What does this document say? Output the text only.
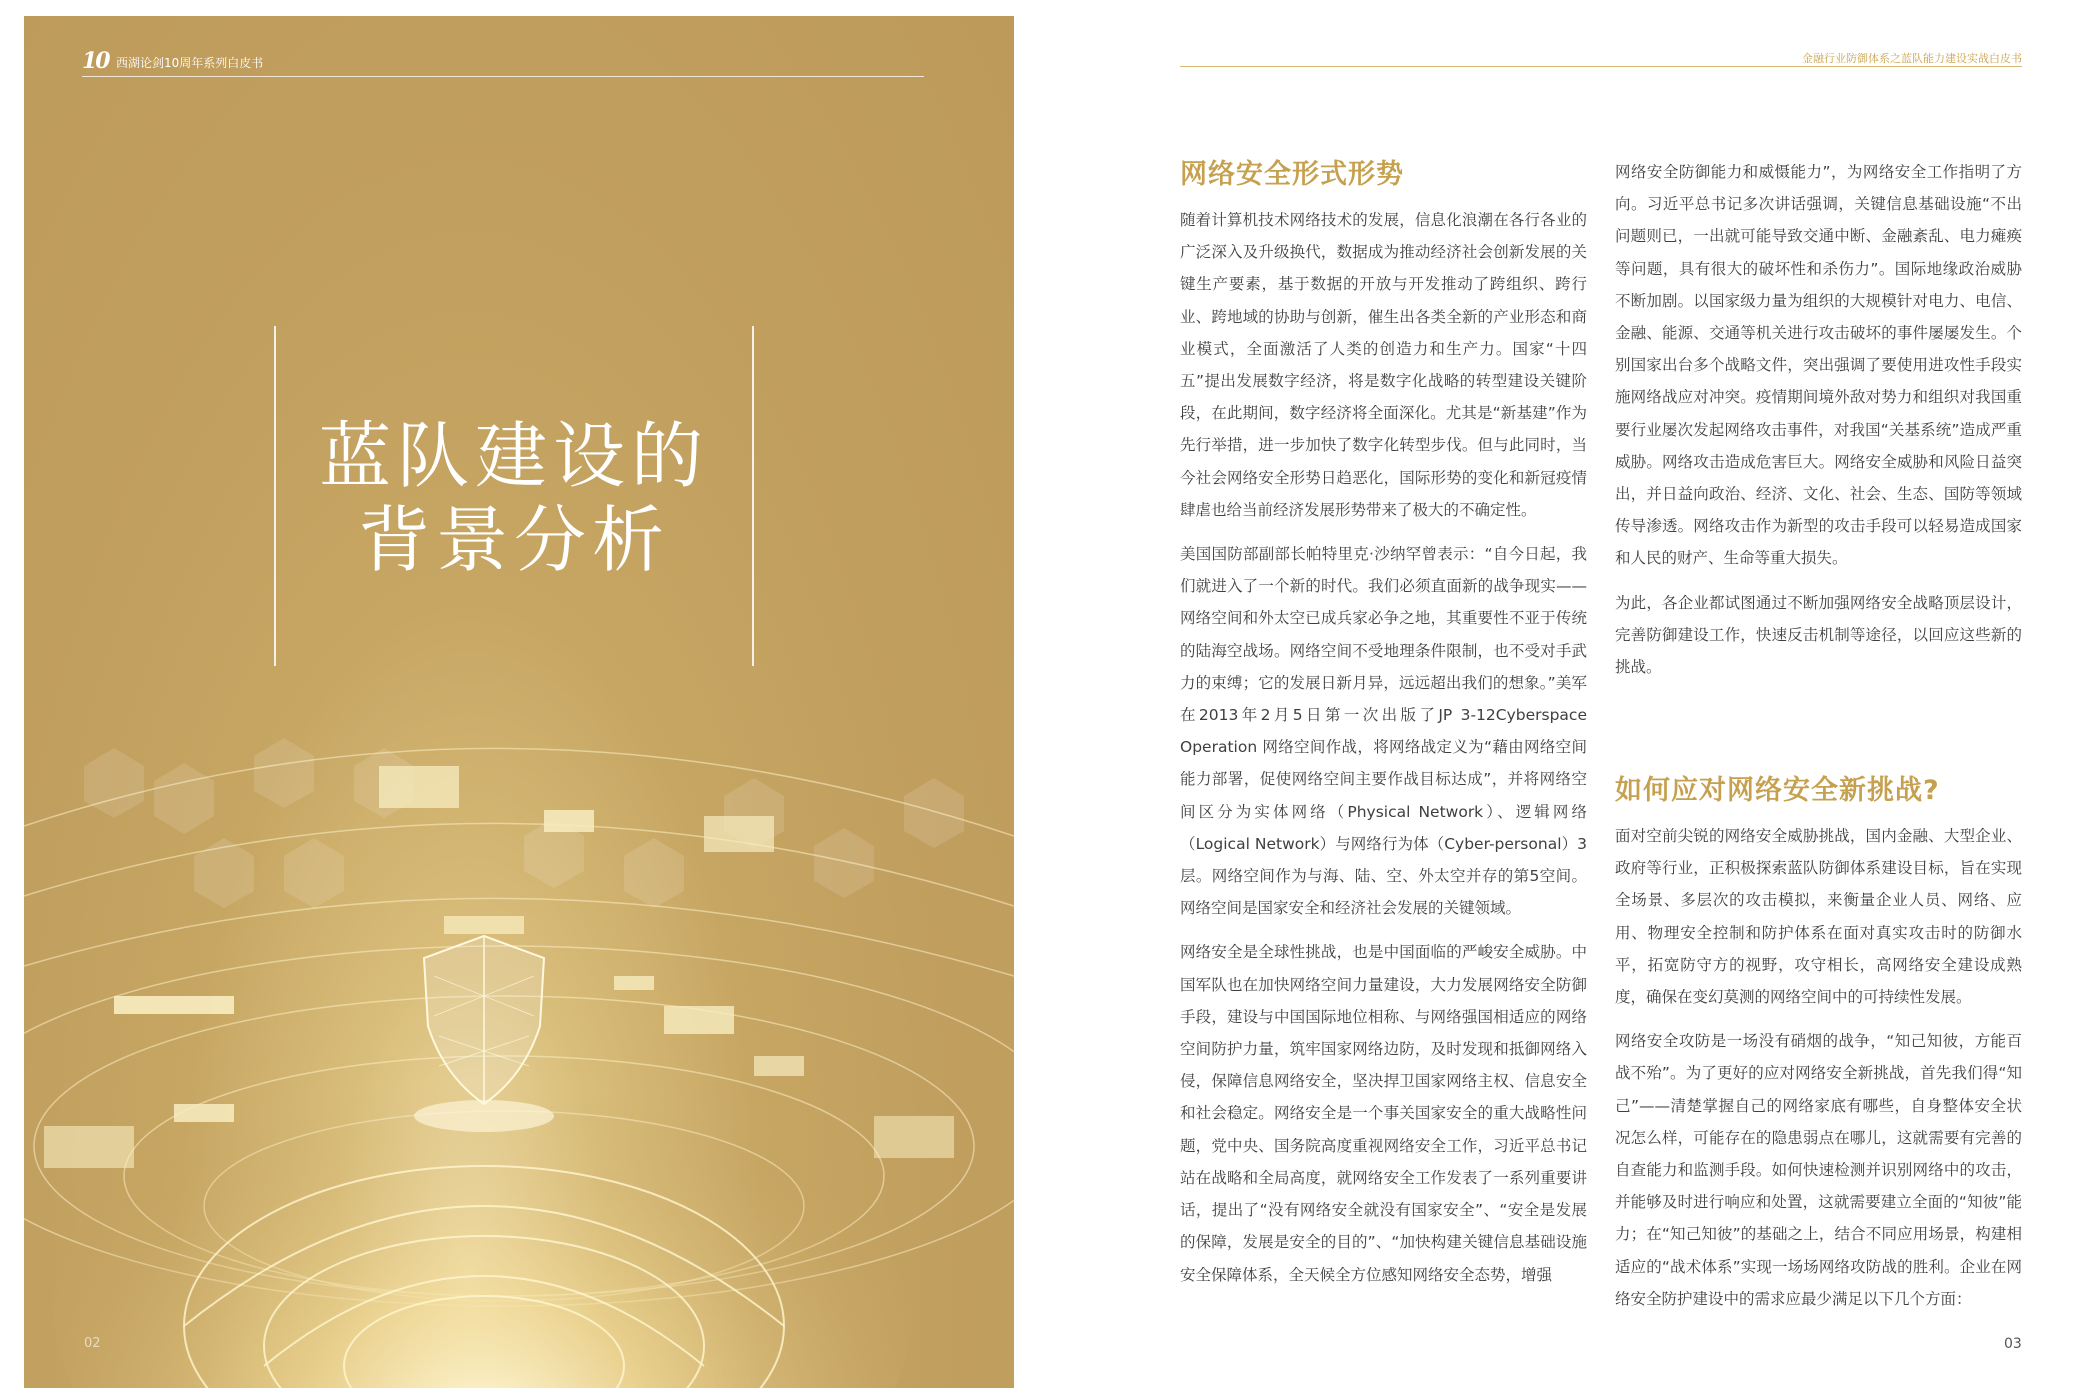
10 西湖论剑10周年系列白皮书
蓝队建设的
背景分析
02
金融行业防御体系之蓝队能力建设实战白皮书
网络安全形式形势

随着计算机技术网络技术的发展，信息化浪潮在各行各业的广泛深入及升级换代，数据成为推动经济社会创新发展的关键生产要素，基于数据的开放与开发推动了跨组织、跨行业、跨地域的协助与创新，催生出各类全新的产业形态和商业模式，全面激活了人类的创造力和生产力。国家“十四五”提出发展数字经济，将是数字化战略的转型建设关键阶段，在此期间，数字经济将全面深化。尤其是“新基建”作为先行举措，进一步加快了数字化转型步伐。但与此同时，当今社会网络安全形势日趋恶化，国际形势的变化和新冠疫情肆虐也给当前经济发展形势带来了极大的不确定性。

美国国防部副部长帕特里克·沙纳罕曾表示：“自今日起，我们就进入了一个新的时代。我们必须直面新的战争现实——网络空间和外太空已成兵家必争之地，其重要性不亚于传统的陆海空战场。网络空间不受地理条件限制，也不受对手武力的束缚；它的发展日新月异，远远超出我们的想象。”美军在2013年2月5日第一次出版了JP 3-12Cyberspace Operation 网络空间作战，将网络战定义为“藉由网络空间能力部署，促使网络空间主要作战目标达成”，并将网络空间区分为实体网络（Physical Network）、逻辑网络（Logical Network）与网络行为体（Cyber-personal）3层。网络空间作为与海、陆、空、外太空并存的第5空间。网络空间是国家安全和经济社会发展的关键领域。

网络安全是全球性挑战，也是中国面临的严峻安全威胁。中国军队也在加快网络空间力量建设，大力发展网络安全防御手段，建设与中国国际地位相称、与网络强国相适应的网络空间防护力量，筑牢国家网络边防，及时发现和抵御网络入侵，保障信息网络安全，坚决捍卫国家网络主权、信息安全和社会稳定。网络安全是一个事关国家安全的重大战略性问题，党中央、国务院高度重视网络安全工作，习近平总书记站在战略和全局高度，就网络安全工作发表了一系列重要讲话，提出了“没有网络安全就没有国家安全”、“安全是发展的保障，发展是安全的目的”、“加快构建关键信息基础设施安全保障体系，全天候全方位感知网络安全态势，增强

网络安全防御能力和威慑能力”，为网络安全工作指明了方向。习近平总书记多次讲话强调，关键信息基础设施“不出问题则已，一出就可能导致交通中断、金融紊乱、电力瘫痪等问题，具有很大的破坏性和杀伤力”。国际地缘政治威胁不断加剧。以国家级力量为组织的大规模针对电力、电信、金融、能源、交通等机关进行攻击破坏的事件屡屡发生。个别国家出台多个战略文件，突出强调了要使用进攻性手段实施网络战应对冲突。疫情期间境外敌对势力和组织对我国重要行业屡次发起网络攻击事件，对我国“关基系统”造成严重威胁。网络攻击造成危害巨大。网络安全威胁和风险日益突出，并日益向政治、经济、文化、社会、生态、国防等领域传导渗透。网络攻击作为新型的攻击手段可以轻易造成国家和人民的财产、生命等重大损失。

为此，各企业都试图通过不断加强网络安全战略顶层设计，完善防御建设工作，快速反击机制等途径，以回应这些新的挑战。

如何应对网络安全新挑战?

面对空前尖锐的网络安全威胁挑战，国内金融、大型企业、政府等行业，正积极探索蓝队防御体系建设目标，旨在实现全场景、多层次的攻击模拟，来衡量企业人员、网络、应用、物理安全控制和防护体系在面对真实攻击时的防御水平，拓宽防守方的视野，攻守相长，高网络安全建设成熟度，确保在变幻莫测的网络空间中的可持续性发展。

网络安全攻防是一场没有硝烟的战争，“知己知彼，方能百战不殆”。为了更好的应对网络安全新挑战，首先我们得“知己”——清楚掌握自己的网络家底有哪些，自身整体安全状况怎么样，可能存在的隐患弱点在哪儿，这就需要有完善的自查能力和监测手段。如何快速检测并识别网络中的攻击，并能够及时进行响应和处置，这就需要建立全面的“知彼”能力；在“知己知彼”的基础之上，结合不同应用场景，构建相适应的“战术体系”实现一场场网络攻防战的胜利。企业在网络安全防护建设中的需求应最少满足以下几个方面：

03
